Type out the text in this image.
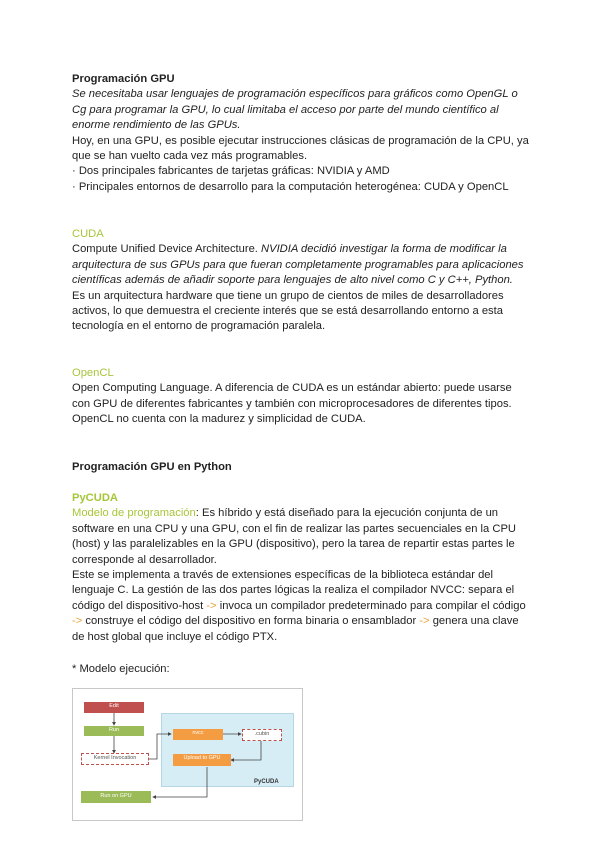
Programación GPU

Se necesitaba usar lenguajes de programación específicos para gráficos como OpenGL o Cg para programar la GPU, lo cual limitaba el acceso por parte del mundo científico al enorme rendimiento de las GPUs.

Hoy, en una GPU, es posible ejecutar instrucciones clásicas de programación de la CPU, ya que se han vuelto cada vez más programables.

· Dos principales fabricantes de tarjetas gráficas: NVIDIA y AMD

· Principales entornos de desarrollo para la computación heterogénea: CUDA y OpenCL

CUDA

Compute Unified Device Architecture. NVIDIA decidió investigar la forma de modificar la arquitectura de sus GPUs para que fueran completamente programables para aplicaciones científicas además de añadir soporte para lenguajes de alto nivel como C y C++, Python.

Es un arquitectura hardware que tiene un grupo de cientos de miles de desarrolladores activos, lo que demuestra el creciente interés que se está desarrollando entorno a esta tecnología en el entorno de programación paralela.

OpenCL

Open Computing Language. A diferencia de CUDA es un estándar abierto: puede usarse con GPU de diferentes fabricantes y también con microprocesadores de diferentes tipos. OpenCL no cuenta con la madurez y simplicidad de CUDA.

Programación GPU en Python

PyCUDA

Modelo de programación: Es híbrido y está diseñado para la ejecución conjunta de un software en una CPU y una GPU, con el fin de realizar las partes secuenciales en la CPU (host) y las paralelizables en la GPU (dispositivo), pero la tarea de repartir estas partes le corresponde al desarrollador.

Este se implementa a través de extensiones específicas de la biblioteca estándar del lenguaje C. La gestión de las dos partes lógicas la realiza el compilador NVCC: separa el código del dispositivo-host -> invoca un compilador predeterminado para compilar el código -> construye el código del dispositivo en forma binaria o ensamblador -> genera una clave de host global que incluye el código PTX.

* Modelo ejecución:

Edit
Run
Kernel Invocation
nvcc	.cubin
Upload to GPU
PyCUDA
Run on GPU
